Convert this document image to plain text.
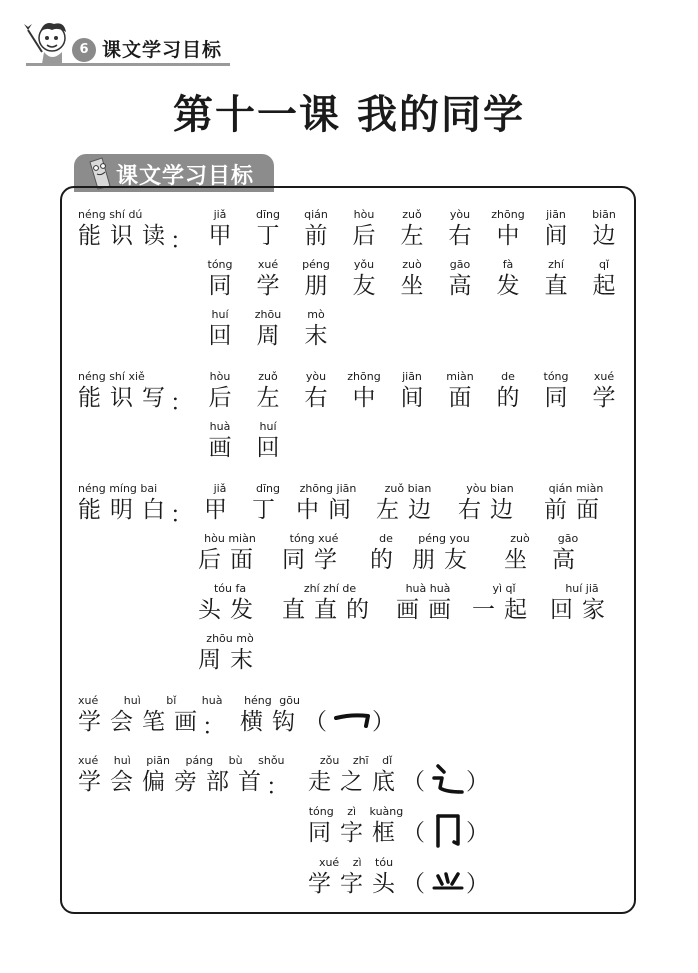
6 课文学习目标
第十一课 我的同学
课文学习目标
néng shí dú
能识读
：
jiǎ
甲
dīng
丁
qián
前
hòu
后
zuǒ
左
yòu
右
zhōng
中
jiān
间
biān
边
tóng
同
xué
学
péng
朋
yǒu
友
zuò
坐
gāo
高
fà
发
zhí
直
qǐ
起
huí
回
zhōu
周
mò
末
hòu
后
zuǒ
左
yòu
右
zhōng
中
jiān
间
miàn
面
de
的
tóng
同
xué
学
huà
画
huí
回
jiǎ
甲
dīng
丁
zhōng jiān
中间
zuǒ bian
左边
yòu bian
右边
qián miàn
前面
hòu miàn
后面
tóng xué
同学
de
的
péng you
朋友
zuò
坐
gāo
高
tóu fa
头发
zhí zhí de
直直的
huà huà
画画
yì qǐ
一起
huí jiā
回家
zhōu mò
周末
néng shí xiě
能识写
：
néng míng bai
能明白
：
xué huì bǐ huà
学会笔画
：
héng gōu
横钩 （ ）
xué huì piān páng bù shǒu
学会偏旁部首
：
zǒu zhī dǐ
走之底
（ ）
tóng zì kuàng
同字框
（ ）
xué zì tóu
学字头
（ ）
